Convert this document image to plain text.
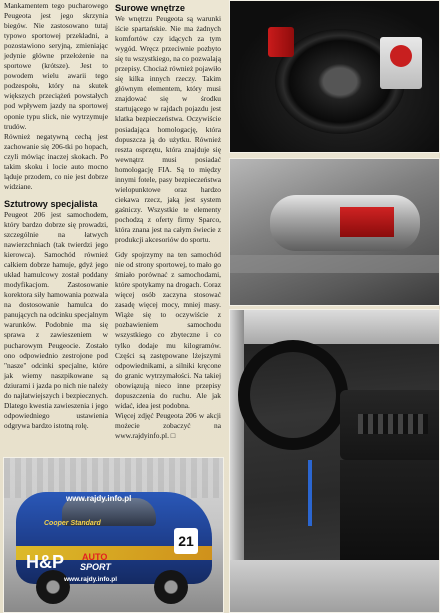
Mankamentem tego pucharowego Peugeota jest jego skrzynia biegów. Nie zastosowano tutaj typowo sportowej przekładni, a pozostawiono seryjną, zmieniając jedynie główne przełożenie na sportowe (krótsze). Jest to powodem wielu awarii tego podzespołu, który na skutek większych przeciążeń powstałych pod wpływem jazdy na sportowej oponie typu slick, nie wytrzymuje trudów.

Również negatywną cechą jest zachowanie się 206-tki po hopach, czyli mówiąc inaczej skokach. Po takim skoku i locie auto mocno ląduje przodem, co nie jest dobrze widziane.

Sztutrowy specjalista

Peugeot 206 jest samochodem, który bardzo dobrze się prowadzi, szczególnie na łatwych nawierzchniach (tak twierdzi jego kierowca). Samochód również całkiem dobrze hamuje, gdyż jego układ hamulcowy został poddany modyfikacjom. Zastosowanie korektora siły hamowania pozwala na dostosowanie hamulca do panujących na odcinku specjalnym warunków. Podobnie ma się sprawa z zawieszeniem w pucharowym Peugeocie. Zostało ono odpowiednio zestrojone pod "nasze" odcinki specjalne, które jak wiemy naszpikowane są dziurami i jazda po nich nie należy do najłatwiejszych i bezpiecznych. Dlatego kwestia zawieszenia i jego odpowiedniego ustawienia odgrywa bardzo istotną rolę.

Surowe wnętrze

We wnętrzu Peugeota są warunki iście spartańskie. Nie ma żadnych komfortów czy idących za tym wygód. Wręcz przeciwnie pozbyto się tu wszystkiego, na co pozwalają przepisy. Chociaż również pojawiło się kilka innych rzeczy. Takim głównym elementem, który musi znajdować się w środku startującego w rajdach pojazdu jest klatka bezpieczeństwa. Oczywiście posiadająca homologację, która dopuszcza ją do użytku. Również reszta osprzętu, która znajduje się wewnątrz musi posiadać homologację FIA. Są to między innymi fotele, pasy bezpieczeństwa wielopunktowe oraz hardzo ciekawa rzecz, jaką jest system gaśniczy. Wszystkie te elementy pochodzą z oferty firmy Sparco, która znana jest na całym świecie z produkcji akcesoriów do sportu.

Gdy spojrzymy na ten samochód nie od strony sportowej, to mało go śmiało porównać z samochodami, które spotykamy na drogach. Coraz więcej osób zaczyna stosować zasadę więcej mocy, mniej masy. Wiąże się to oczywiście z pozbawieniem samochodu wszystkiego co zbyteczne i co tylko dodaje mu kilogramów. Części są zastępowane lżejszymi odpowiednikami, a silniki kręcone do granic wytrzymałości. Na takiej obowiązują nieco inne przepisy dopuszczenia do ruchu. Ale jak widać, idea jest podobna.

Więcej zdjęć Peugeota 206 w akcji możecie zobaczyć na www.rajdyinfo.pl. □

www.rajdy.info.pl
Cooper Standard
H&P AUTO
SPORT
www.rajdy.info.pl
21
